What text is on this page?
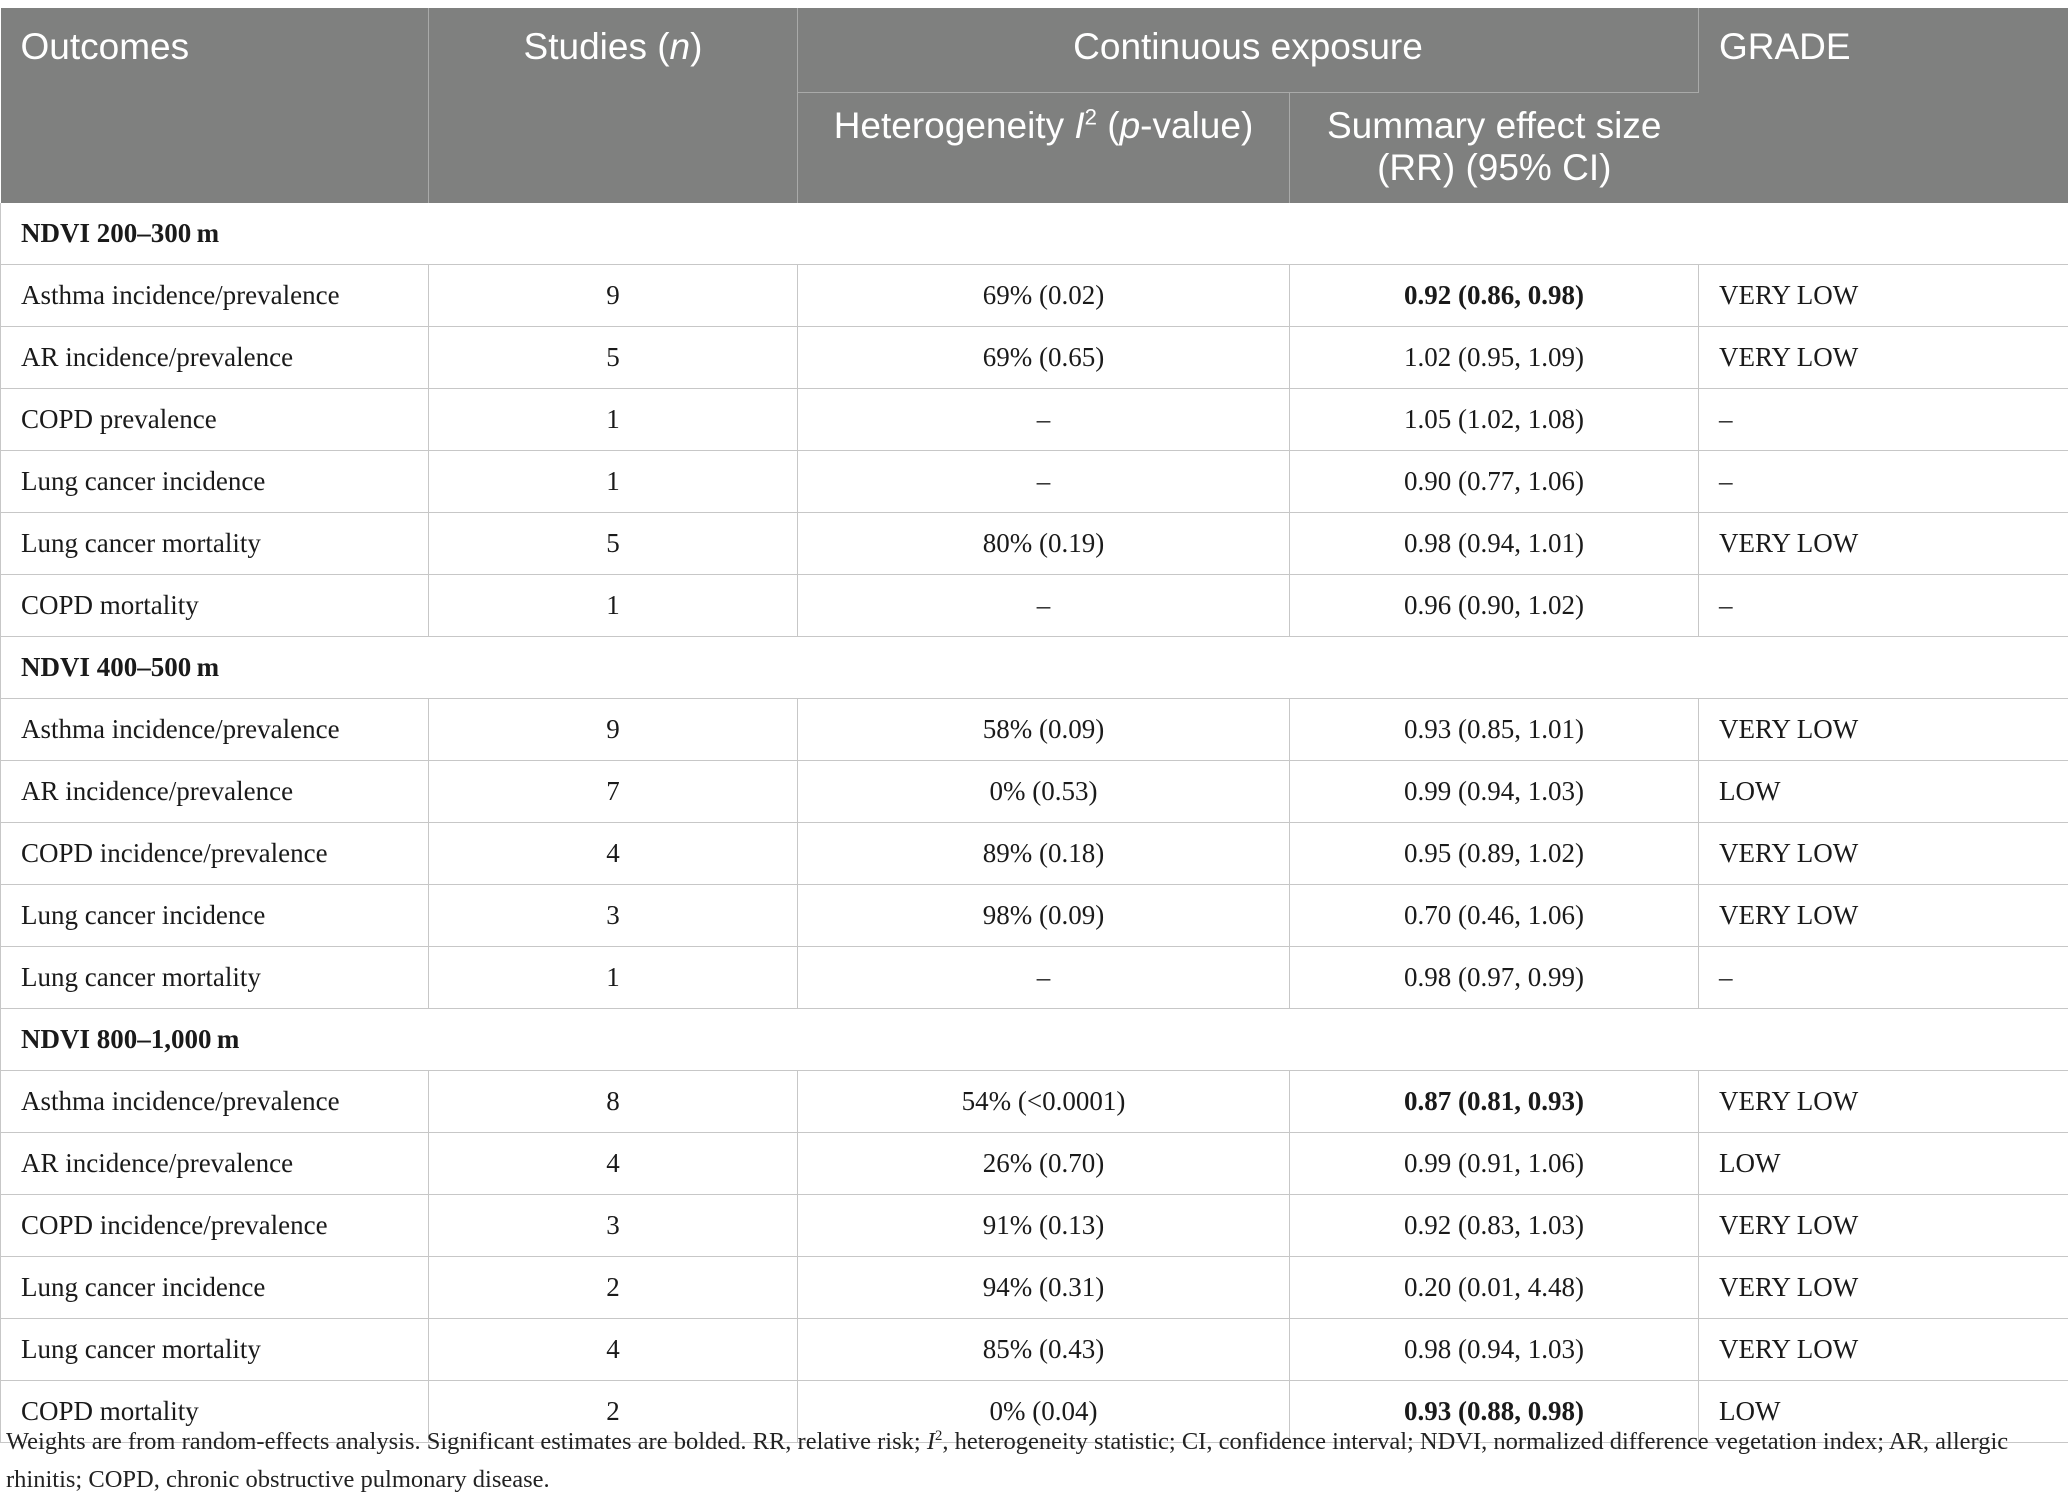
Outcomes	Studies (n)	Continuous exposure		GRADE
		Heterogeneity $I^2$ (p-value)	Summary effect size
(RR) (95% CI)	
NDVI 200–300 m				
Asthma incidence/prevalence	9	69% (0.02)	0.92 (0.86, 0.98)	VERY LOW
AR incidence/prevalence	5	69% (0.65)	1.02 (0.95, 1.09)	VERY LOW
COPD prevalence	1	–	1.05 (1.02, 1.08)	–
Lung cancer incidence	1	–	0.90 (0.77, 1.06)	–
Lung cancer mortality	5	80% (0.19)	0.98 (0.94, 1.01)	VERY LOW
COPD mortality	1	–	0.96 (0.90, 1.02)	–
NDVI 400–500 m				
Asthma incidence/prevalence	9	58% (0.09)	0.93 (0.85, 1.01)	VERY LOW
AR incidence/prevalence	7	0% (0.53)	0.99 (0.94, 1.03)	LOW
COPD incidence/prevalence	4	89% (0.18)	0.95 (0.89, 1.02)	VERY LOW
Lung cancer incidence	3	98% (0.09)	0.70 (0.46, 1.06)	VERY LOW
Lung cancer mortality	1	–	0.98 (0.97, 0.99)	–
NDVI 800–1,000 m				
Asthma incidence/prevalence	8	54% (<0.0001)	0.87 (0.81, 0.93)	VERY LOW
AR incidence/prevalence	4	26% (0.70)	0.99 (0.91, 1.06)	LOW
COPD incidence/prevalence	3	91% (0.13)	0.92 (0.83, 1.03)	VERY LOW
Lung cancer incidence	2	94% (0.31)	0.20 (0.01, 4.48)	VERY LOW
Lung cancer mortality	4	85% (0.43)	0.98 (0.94, 1.03)	VERY LOW
COPD mortality	2	0% (0.04)	0.93 (0.88, 0.98)	LOW
Weights are from random-effects analysis. Significant estimates are bolded. RR, relative risk; $I^2$, heterogeneity statistic; CI, confidence interval; NDVI, normalized difference vegetation index; AR, allergic rhinitis; COPD, chronic obstructive pulmonary disease.
